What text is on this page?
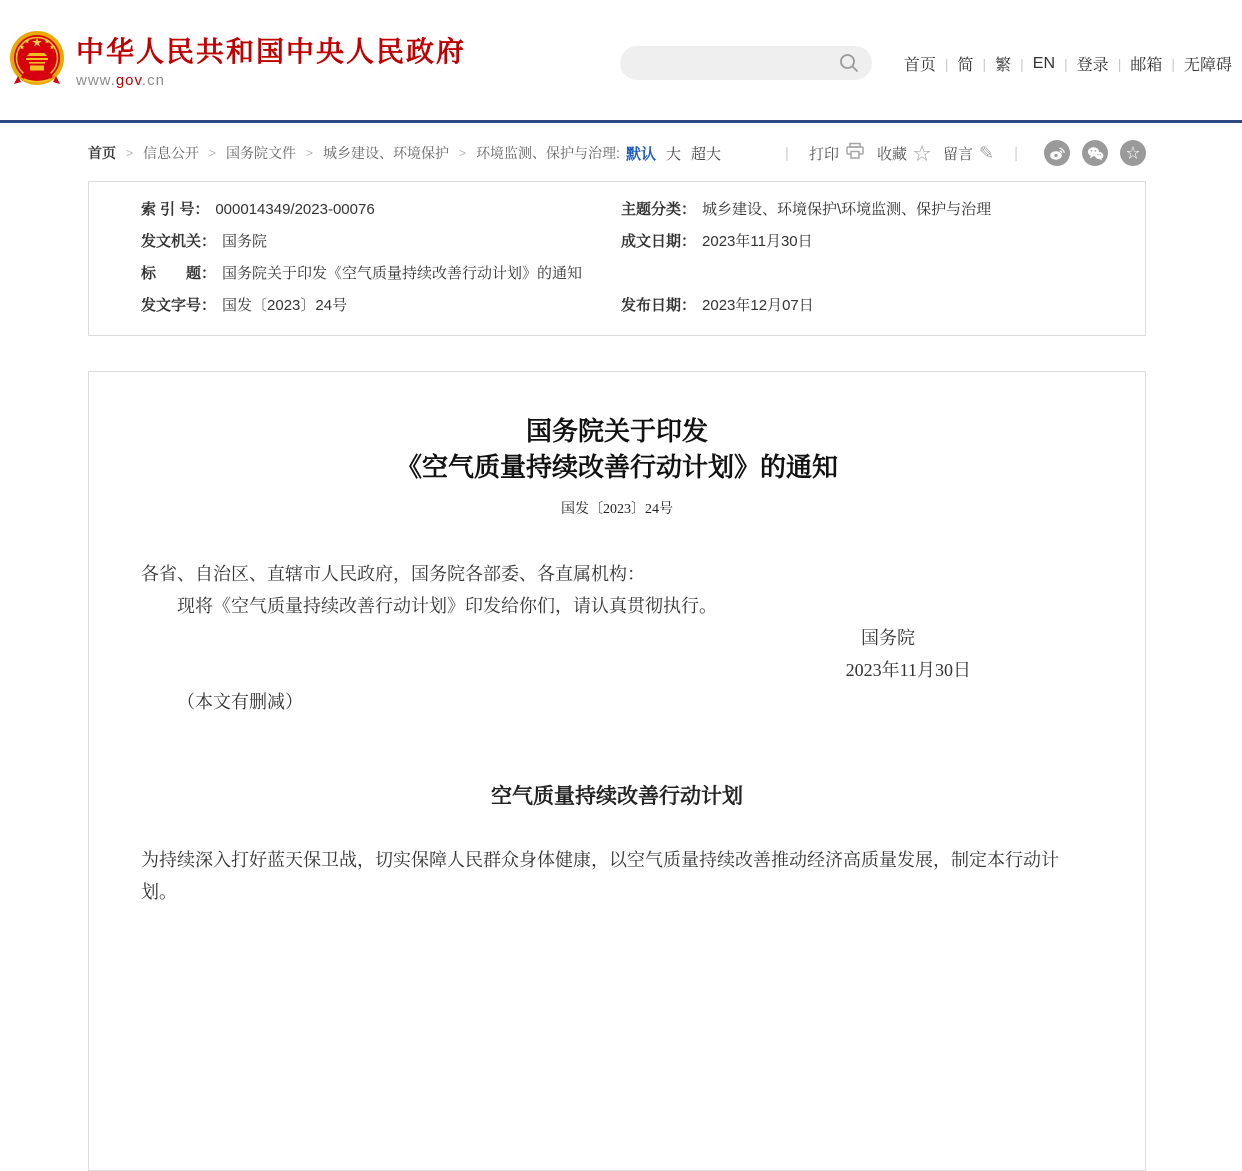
★
★	★
★	★ 中华人民共和国中央人民政府
www.gov.cn
首页 | 简 | 繁 | EN | 登录 | 邮箱 | 无障碍
首页 > 信息公开 > 国务院文件 > 城乡建设、环境保护 > 环境监测、保护与治理: 默认 大 超大	| 打印	收藏 ☆ 留言 ✎ |	☆
索 引 号： 000014349/2023-00076	主题分类： 城乡建设、环境保护\环境监测、保护与治理
发文机关： 国务院	成文日期： 2023年11月30日
标　　题： 国务院关于印发《空气质量持续改善行动计划》的通知
发文字号： 国发〔2023〕24号	发布日期： 2023年12月07日
国务院关于印发
《空气质量持续改善行动计划》的通知
国发〔2023〕24号

各省、自治区、直辖市人民政府，国务院各部委、各直属机构：

现将《空气质量持续改善行动计划》印发给你们，请认真贯彻执行。

国务院

2023年11月30日

（本文有删减）

空气质量持续改善行动计划

为持续深入打好蓝天保卫战，切实保障人民群众身体健康，以空气质量持续改善推动经济高质量发展，制定本行动计划。
